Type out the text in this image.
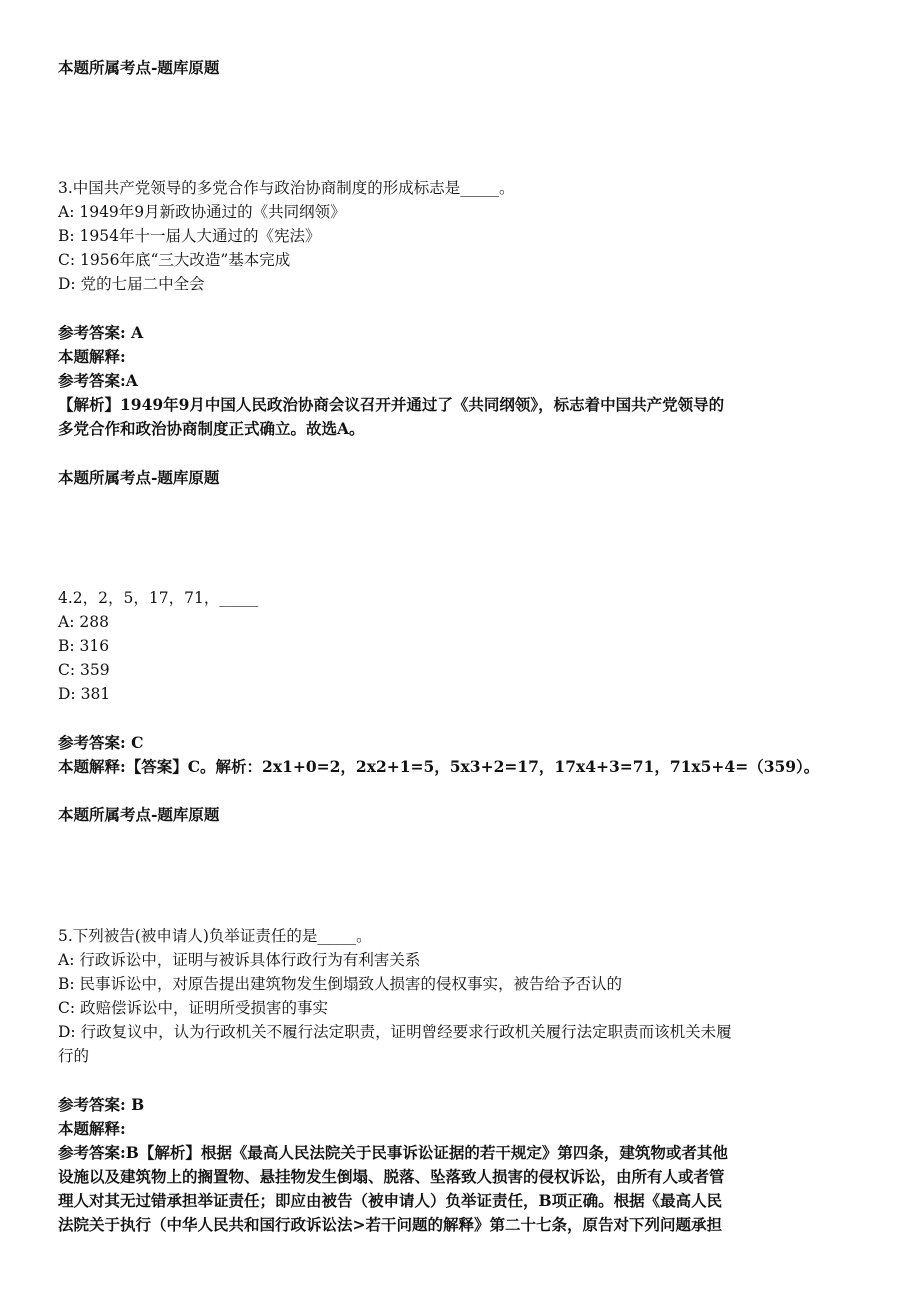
本题所属考点-题库原题
3.中国共产党领导的多党合作与政治协商制度的形成标志是_____。
A: 1949年9月新政协通过的《共同纲领》
B: 1954年十一届人大通过的《宪法》
C: 1956年底“三大改造”基本完成
D: 党的七届二中全会
参考答案: A
本题解释:
参考答案:A
【解析】1949年9月中国人民政治协商会议召开并通过了《共同纲领》，标志着中国共产党领导的
多党合作和政治协商制度正式确立。故选A。
本题所属考点-题库原题
4.2，2，5，17，71，_____
A: 288
B: 316
C: 359
D: 381
参考答案: C
本题解释:【答案】C。解析：2x1+0=2，2x2+1=5，5x3+2=17，17x4+3=71，71x5+4=（359）。
本题所属考点-题库原题
5.下列被告(被申请人)负举证责任的是_____。
A: 行政诉讼中，证明与被诉具体行政行为有利害关系
B: 民事诉讼中，对原告提出建筑物发生倒塌致人损害的侵权事实，被告给予否认的
C: 政赔偿诉讼中，证明所受损害的事实
D: 行政复议中，认为行政机关不履行法定职责，证明曾经要求行政机关履行法定职责而该机关未履
行的
参考答案: B
本题解释:
参考答案:B【解析】根据《最高人民法院关于民事诉讼证据的若干规定》第四条，建筑物或者其他
设施以及建筑物上的搁置物、悬挂物发生倒塌、脱落、坠落致人损害的侵权诉讼，由所有人或者管
理人对其无过错承担举证责任；即应由被告（被申请人）负举证责任，B项正确。根据《最高人民
法院关于执行（中华人民共和国行政诉讼法>若干问题的解释》第二十七条，原告对下列问题承担
